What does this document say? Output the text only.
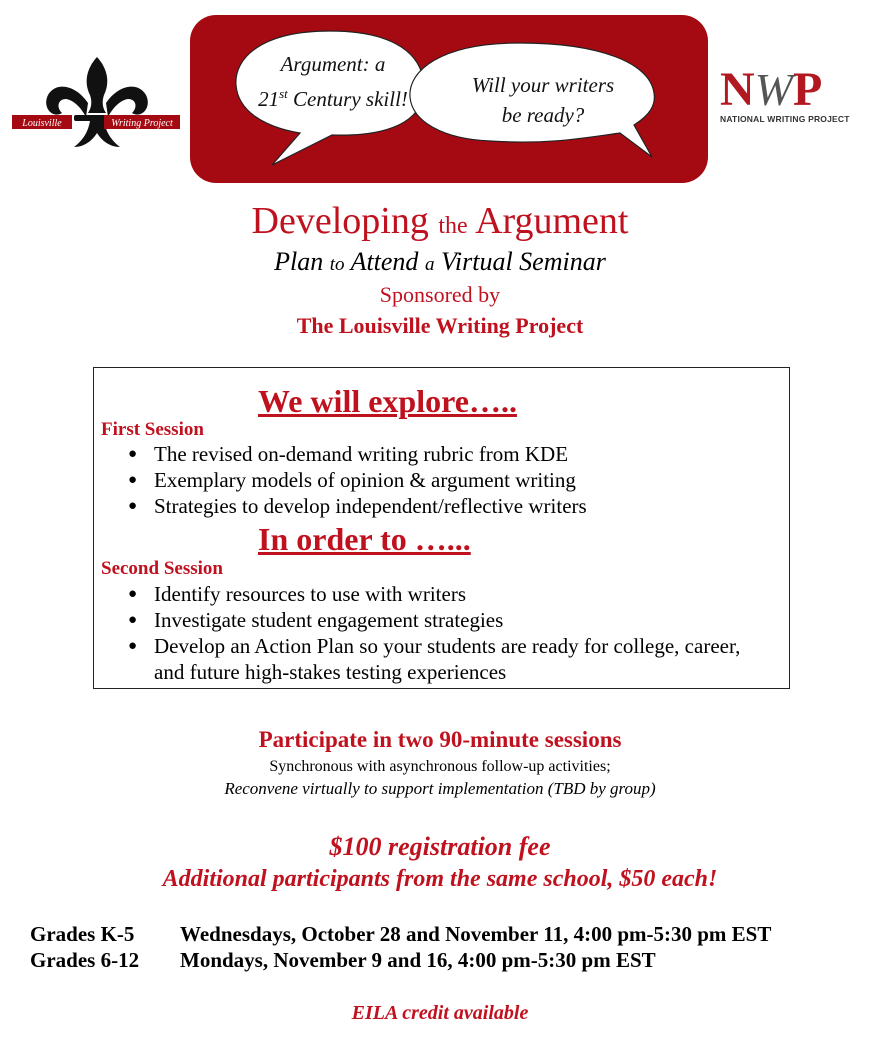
Louisville	Writing Project
Argument: a
21st Century skill!
Will your writers
be ready?	NWP
NATIONAL WRITING PROJECT
Developing the Argument
Plan to Attend a Virtual Seminar
Sponsored by
The Louisville Writing Project
We will explore…..
First Session
● The revised on-demand writing rubric from KDE
● Exemplary models of opinion & argument writing
● Strategies to develop independent/reflective writers
In order to …...
Second Session
● Identify resources to use with writers
● Investigate student engagement strategies
● Develop an Action Plan so your students are ready for college, career, and future high-stakes testing experiences
Participate in two 90-minute sessions
Synchronous with asynchronous follow-up activities;
Reconvene virtually to support implementation (TBD by group)
$100 registration fee
Additional participants from the same school, $50 each!
Grades K-5 Wednesdays, October 28 and November 11, 4:00 pm-5:30 pm EST
Grades 6-12 Mondays, November 9 and 16, 4:00 pm-5:30 pm EST
EILA credit available
